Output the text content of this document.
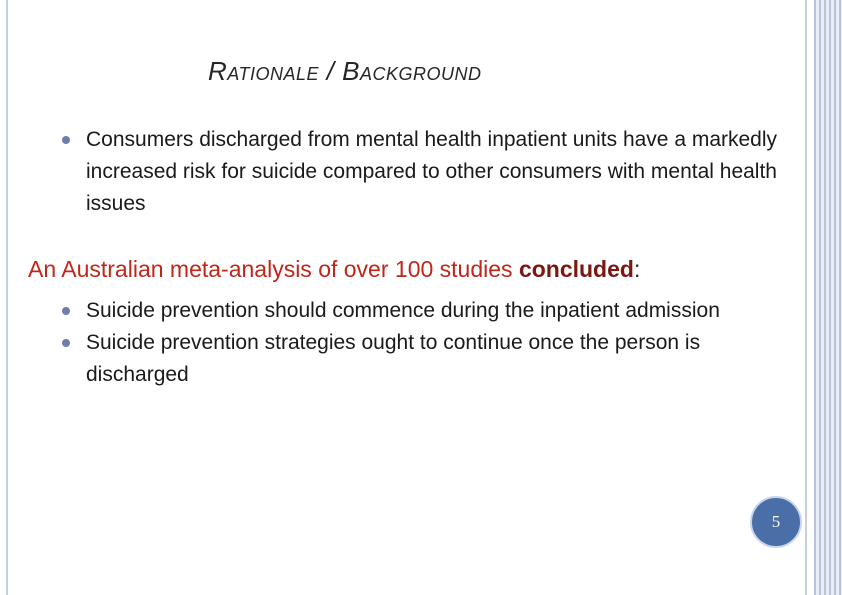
Rationale / Background
Consumers discharged from mental health inpatient units have a markedly increased risk for suicide compared to other consumers with mental health issues
An Australian meta-analysis of over 100 studies concluded:
Suicide prevention should commence during the inpatient admission
Suicide prevention strategies ought to continue once the person is discharged
5
